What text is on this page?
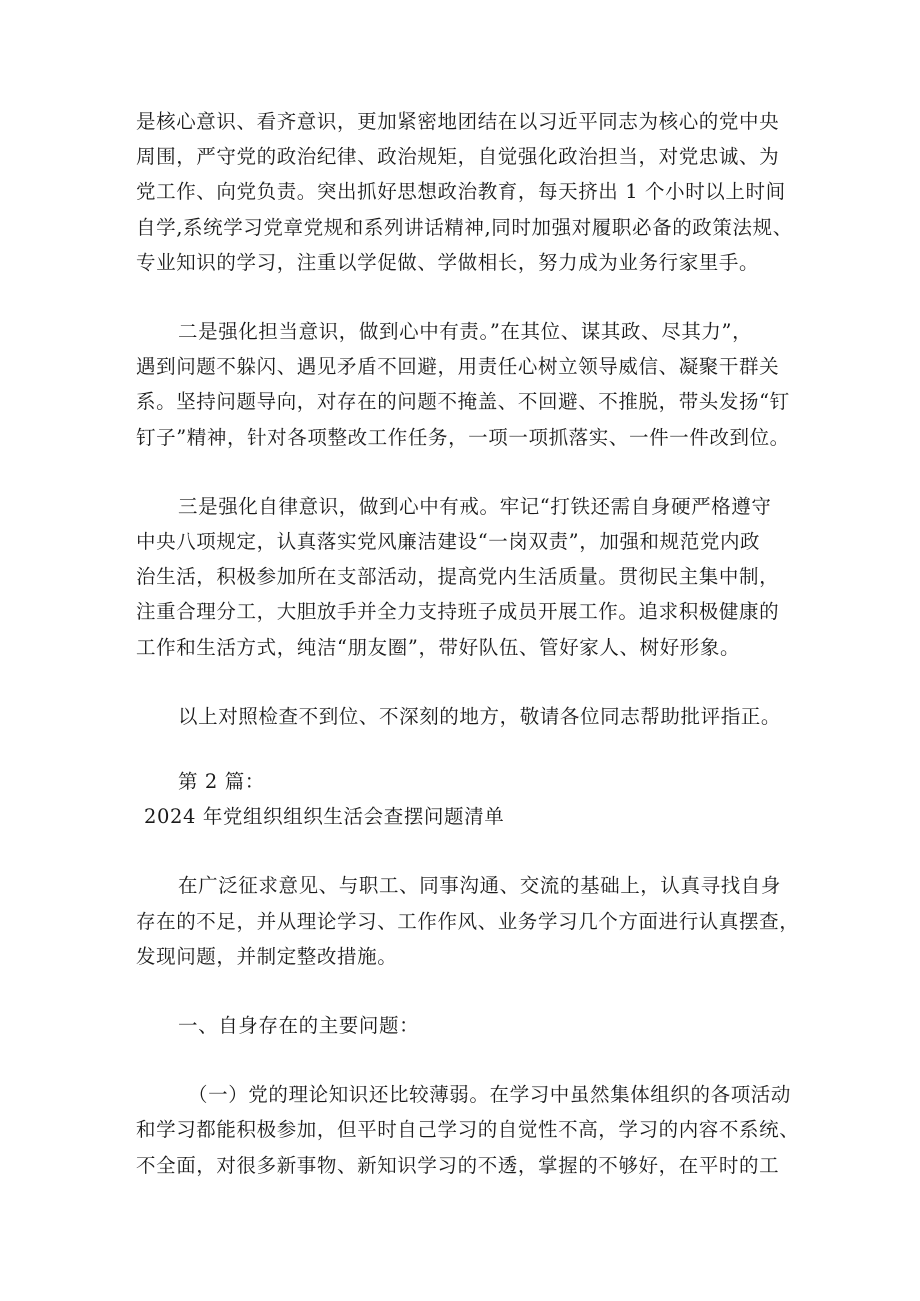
是核心意识、看齐意识，更加紧密地团结在以习近平同志为核心的党中央
周围，严守党的政治纪律、政治规矩，自觉强化政治担当，对党忠诚、为
党工作、向党负责。突出抓好思想政治教育，每天挤出 1 个小时以上时间
自学,系统学习党章党规和系列讲话精神,同时加强对履职必备的政策法规、
专业知识的学习，注重以学促做、学做相长，努力成为业务行家里手。

二是强化担当意识，做到心中有责。”在其位、谋其政、尽其力”，
遇到问题不躲闪、遇见矛盾不回避，用责任心树立领导威信、凝聚干群关
系。坚持问题导向，对存在的问题不掩盖、不回避、不推脱，带头发扬“钉
钉子”精神，针对各项整改工作任务，一项一项抓落实、一件一件改到位。

三是强化自律意识，做到心中有戒。牢记“打铁还需自身硬严格遵守
中央八项规定，认真落实党风廉洁建设“一岗双责”，加强和规范党内政
治生活，积极参加所在支部活动，提高党内生活质量。贯彻民主集中制，
注重合理分工，大胆放手并全力支持班子成员开展工作。追求积极健康的
工作和生活方式，纯洁“朋友圈”，带好队伍、管好家人、树好形象。

以上对照检查不到位、不深刻的地方，敬请各位同志帮助批评指正。

第 2 篇：
2024 年党组织组织生活会查摆问题清单

在广泛征求意见、与职工、同事沟通、交流的基础上，认真寻找自身
存在的不足，并从理论学习、工作作风、业务学习几个方面进行认真摆查，
发现问题，并制定整改措施。

一、自身存在的主要问题：

（一）党的理论知识还比较薄弱。在学习中虽然集体组织的各项活动
和学习都能积极参加，但平时自己学习的自觉性不高，学习的内容不系统、
不全面，对很多新事物、新知识学习的不透，掌握的不够好，在平时的工
